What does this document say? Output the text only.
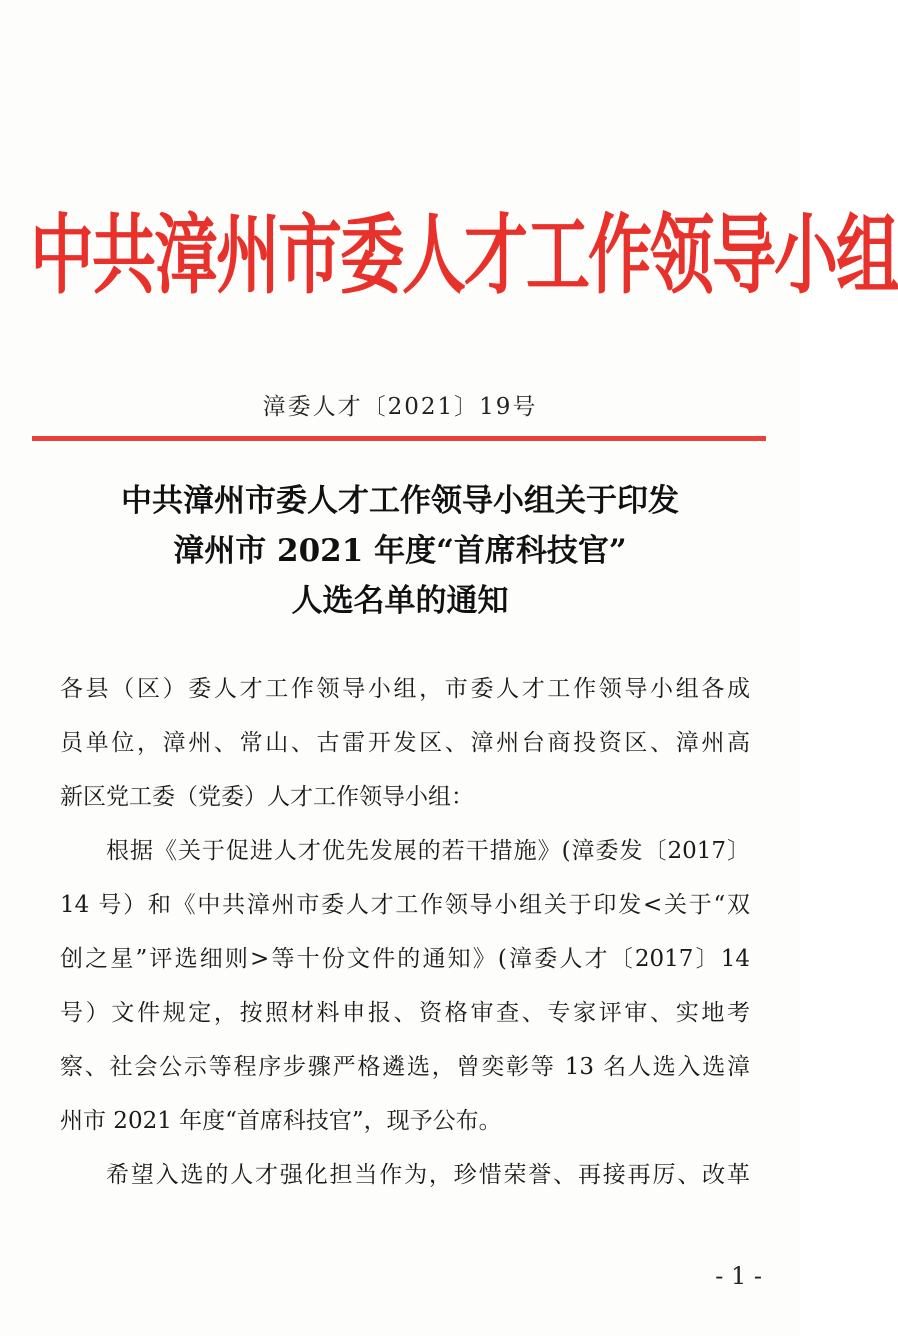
中共漳州市委人才工作领导小组
漳委人才〔2021〕19号
中共漳州市委人才工作领导小组关于印发
漳州市 2021 年度“首席科技官”
人选名单的通知

各县（区）委人才工作领导小组，市委人才工作领导小组各成
员单位，漳州、常山、古雷开发区、漳州台商投资区、漳州高
新区党工委（党委）人才工作领导小组：

根据《关于促进人才优先发展的若干措施》(漳委发〔2017〕
14 号）和《中共漳州市委人才工作领导小组关于印发<关于“双
创之星”评选细则>等十份文件的通知》(漳委人才〔2017〕14
号）文件规定，按照材料申报、资格审查、专家评审、实地考
察、社会公示等程序步骤严格遴选，曾奕彰等 13 名人选入选漳
州市 2021 年度“首席科技官”，现予公布。

希望入选的人才强化担当作为，珍惜荣誉、再接再厉、改革

- 1 -
